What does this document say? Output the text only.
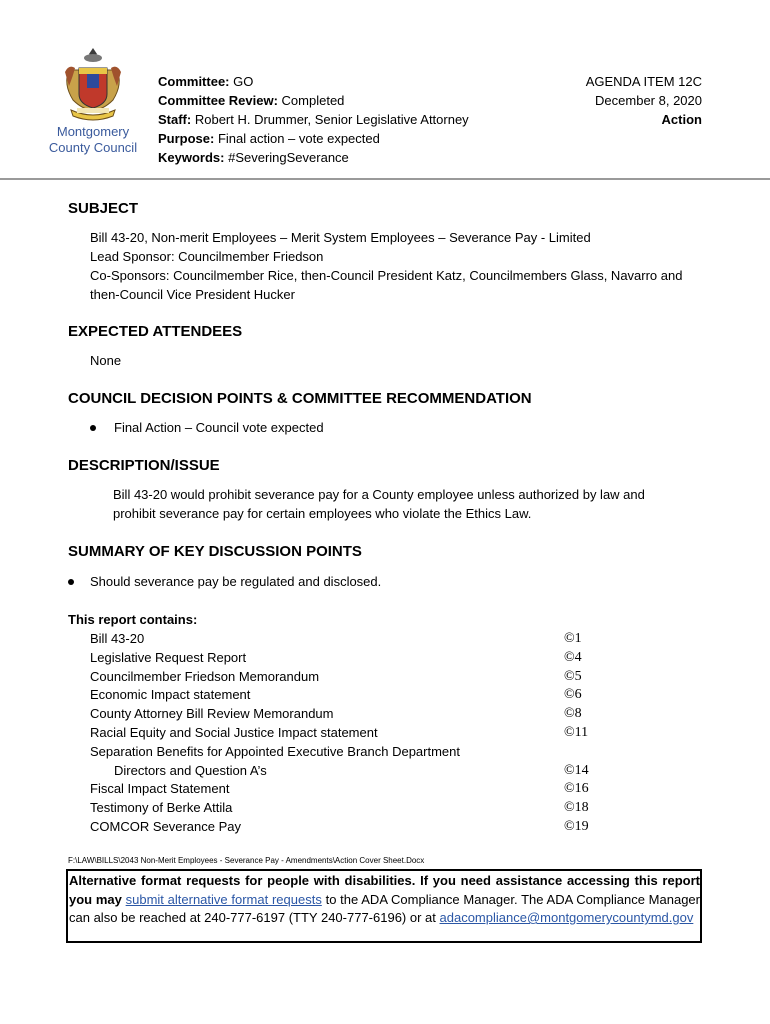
Montgomery
County Council
Committee: GO
Committee Review: Completed
Staff: Robert H. Drummer, Senior Legislative Attorney
Purpose: Final action – vote expected
Keywords: #SeveringSeverance
AGENDA ITEM 12C
December 8, 2020
Action
SUBJECT
Bill 43-20, Non-merit Employees – Merit System Employees – Severance Pay - Limited
Lead Sponsor: Councilmember Friedson
Co-Sponsors: Councilmember Rice, then-Council President Katz, Councilmembers Glass, Navarro and
then-Council Vice President Hucker
EXPECTED ATTENDEES
None
COUNCIL DECISION POINTS & COMMITTEE RECOMMENDATION
Final Action – Council vote expected
DESCRIPTION/ISSUE
Bill 43-20 would prohibit severance pay for a County employee unless authorized by law and
prohibit severance pay for certain employees who violate the Ethics Law.
SUMMARY OF KEY DISCUSSION POINTS
Should severance pay be regulated and disclosed.
This report contains:
Bill 43-20	©1
Legislative Request Report	©4
Councilmember Friedson Memorandum	©5
Economic Impact statement	©6
County Attorney Bill Review Memorandum	©8
Racial Equity and Social Justice Impact statement	©11
Separation Benefits for Appointed Executive Branch Department
Directors and Question A’s	©14
Fiscal Impact Statement	©16
Testimony of Berke Attila	©18
COMCOR Severance Pay	©19
F:\LAW\BILLS\2043 Non-Merit Employees - Severance Pay - Amendments\Action Cover Sheet.Docx
Alternative format requests for people with disabilities. If you need assistance accessing this report you may submit alternative format requests to the ADA Compliance Manager. The ADA Compliance Manager can also be reached at 240-777-6197 (TTY 240-777-6196) or at adacompliance@montgomerycountymd.gov
